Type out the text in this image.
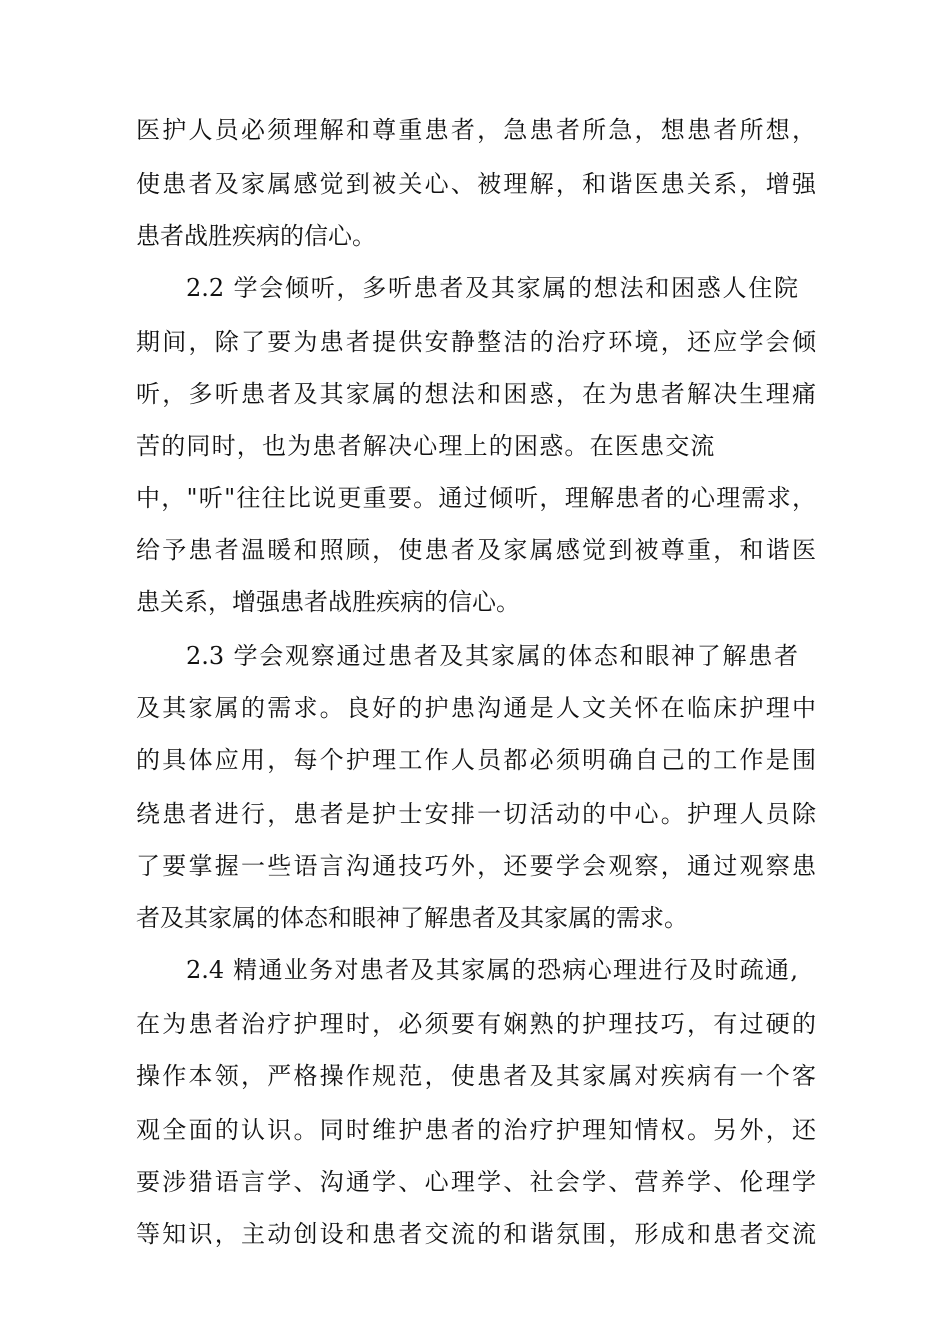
医护人员必须理解和尊重患者，急患者所急，想患者所想，
使患者及家属感觉到被关心、被理解，和谐医患关系，增强
患者战胜疾病的信心。
2.2 学会倾听，多听患者及其家属的想法和困惑人住院
期间，除了要为患者提供安静整洁的治疗环境，还应学会倾
听，多听患者及其家属的想法和困惑，在为患者解决生理痛
苦的同时，也为患者解决心理上的困惑。在医患交流
中，"听"往往比说更重要。通过倾听，理解患者的心理需求，
给予患者温暖和照顾，使患者及家属感觉到被尊重，和谐医
患关系，增强患者战胜疾病的信心。
2.3 学会观察通过患者及其家属的体态和眼神了解患者
及其家属的需求。良好的护患沟通是人文关怀在临床护理中
的具体应用，每个护理工作人员都必须明确自己的工作是围
绕患者进行，患者是护士安排一切活动的中心。护理人员除
了要掌握一些语言沟通技巧外，还要学会观察，通过观察患
者及其家属的体态和眼神了解患者及其家属的需求。
2.4 精通业务对患者及其家属的恐病心理进行及时疏通,
在为患者治疗护理时，必须要有娴熟的护理技巧，有过硬的
操作本领，严格操作规范，使患者及其家属对疾病有一个客
观全面的认识。同时维护患者的治疗护理知情权。另外，还
要涉猎语言学、沟通学、心理学、社会学、营养学、伦理学
等知识，主动创设和患者交流的和谐氛围，形成和患者交流
